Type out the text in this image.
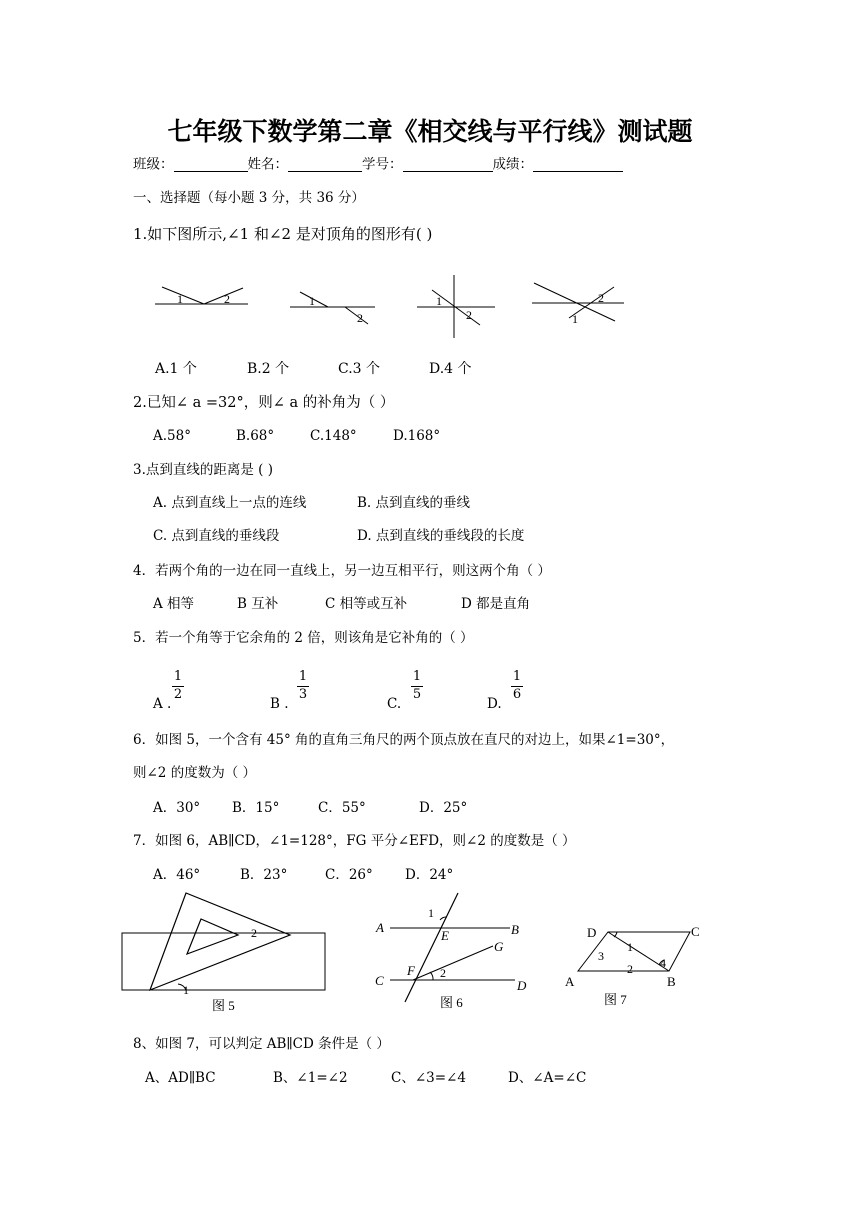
七年级下数学第二章《相交线与平行线》测试题
班级：	姓名：	学号：	成绩：
一、选择题（每小题 3 分，共 36 分）
1.如下图所示,∠1 和∠2 是对顶角的图形有( )
1	2	1
2
1
2
2
1
A.1 个	B.2 个	C.3 个	D.4 个
2.已知∠ a =32°，则∠ a 的补角为（ ）
A.58°	B.68°	C.148°	D.168°
3.点到直线的距离是 ( )
A. 点到直线上一点的连线	B. 点到直线的垂线
C. 点到直线的垂线段	D. 点到直线的垂线段的长度
4．若两个角的一边在同一直线上，另一边互相平行，则这两个角（ ）
A 相等	B 互补	C 相等或互补	D 都是直角
5．若一个角等于它余角的 2 倍，则该角是它补角的（ ）
A .
1
2
B .
1
3
C.
1
5
D.
1
6
6．如图 5，一个含有 45° 角的直角三角尺的两个顶点放在直尺的对边上，如果∠1=30°，
则∠2 的度数为（ ）
A．30° B．15°	C．55°	D．25°
7．如图 6，AB∥CD，∠1=128°，FG 平分∠EFD，则∠2 的度数是（ ）
A．46°	B．23°	C．26° D．24°
1
2
图 5
A	B
C	D
E
F
G
1
2
图 6
D	C
A	B
1
2
3	4
图 7
8、如图 7，可以判定 AB∥CD 条件是（ ）
A、AD∥BC	B、∠1=∠2	C、∠3=∠4	D、∠A=∠C
